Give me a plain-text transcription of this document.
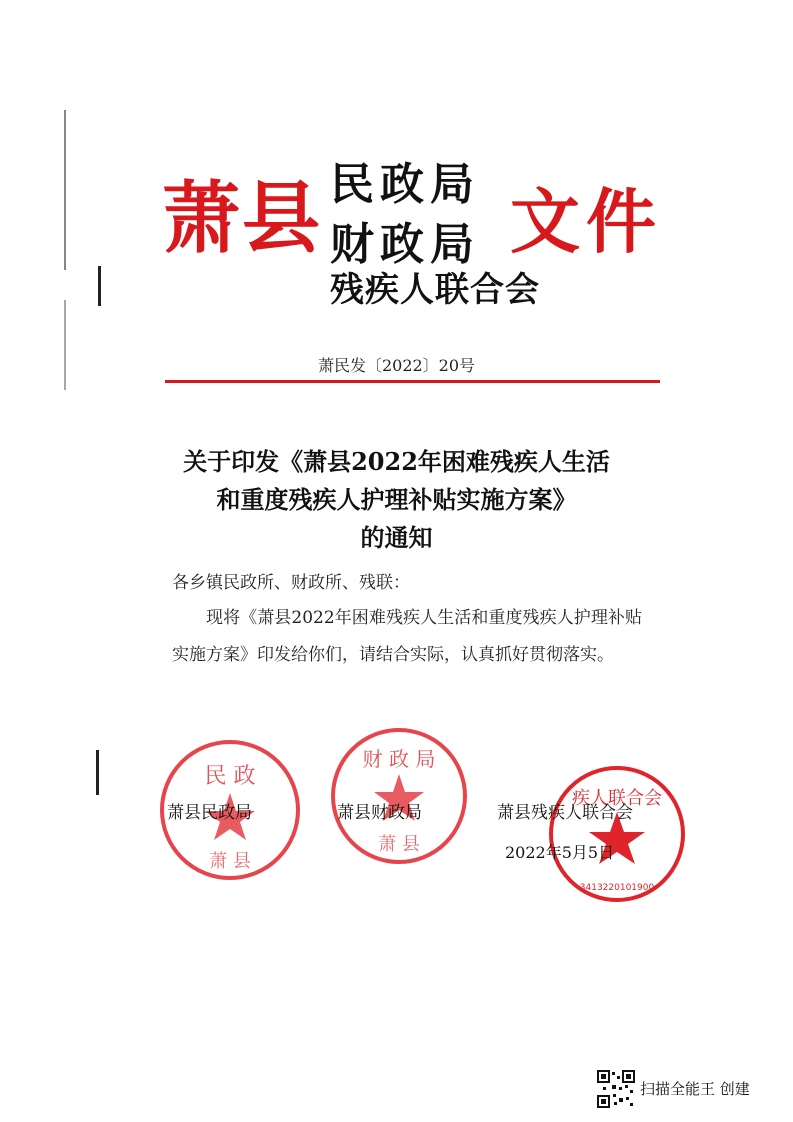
萧县 民政局
财政局
残疾人联合会
文件
萧民发〔2022〕20号
关于印发《萧县2022年困难残疾人生活
和重度残疾人护理补贴实施方案》
的通知
各乡镇民政所、财政所、残联：
现将《萧县2022年困难残疾人生活和重度残疾人护理补贴实施方案》印发给你们，请结合实际，认真抓好贯彻落实。
民 政
萧 县
财 政 局
萧 县
疾人联合会
3413220101900
萧县民政局	萧县财政局	萧县残疾人联合会
2022年5月5日
扫描全能王 创建
